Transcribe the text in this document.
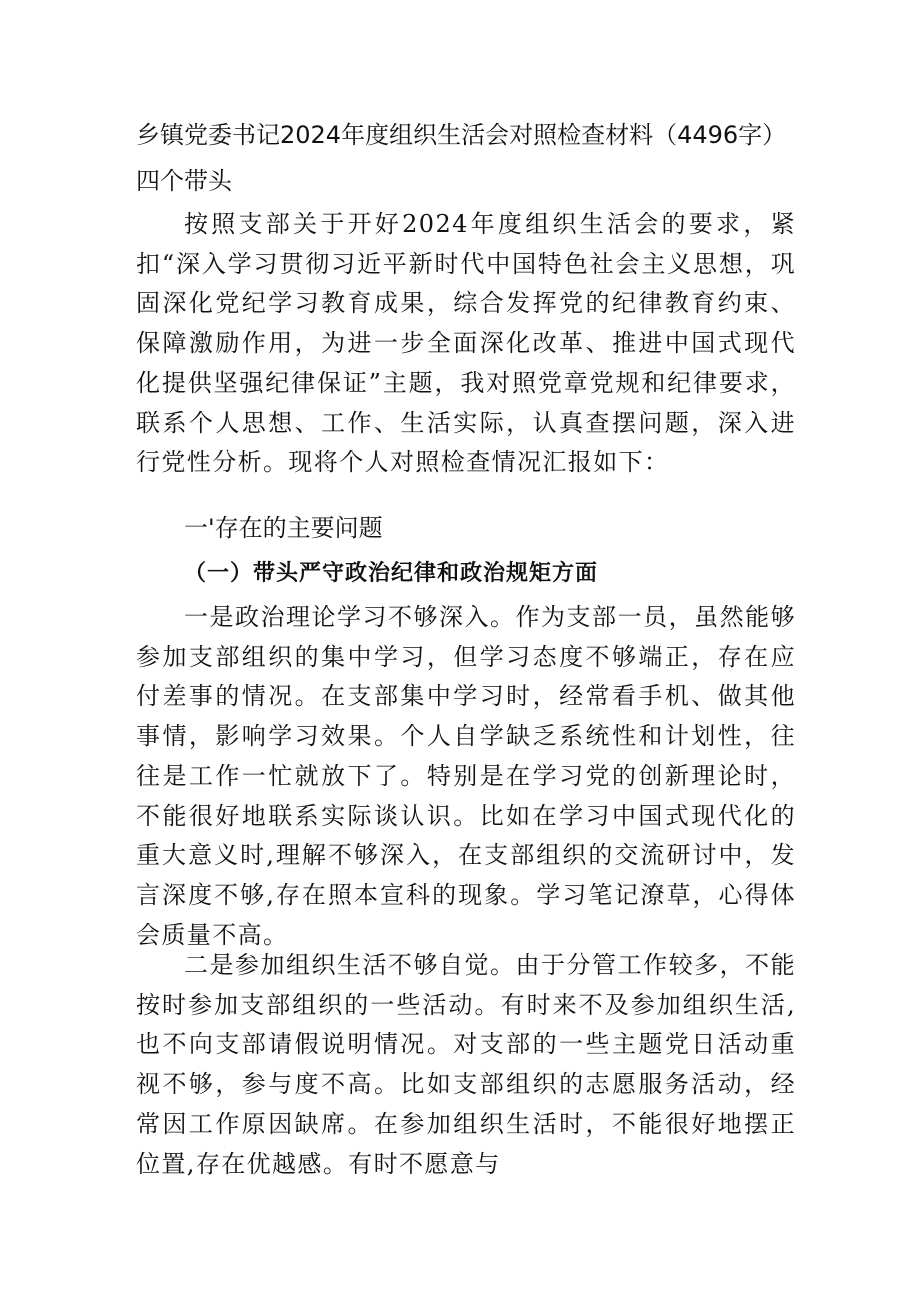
乡镇党委书记2024年度组织生活会对照检查材料（4496字）四个带头

按照支部关于开好2024年度组织生活会的要求，紧扣“深入学习贯彻习近平新时代中国特色社会主义思想，巩固深化党纪学习教育成果，综合发挥党的纪律教育约束、保障激励作用，为进一步全面深化改革、推进中国式现代化提供坚强纪律保证”主题，我对照党章党规和纪律要求，联系个人思想、工作、生活实际，认真查摆问题，深入进行党性分析。现将个人对照检查情况汇报如下：

一'存在的主要问题
（一）带头严守政治纪律和政治规矩方面

一是政治理论学习不够深入。作为支部一员，虽然能够参加支部组织的集中学习，但学习态度不够端正，存在应付差事的情况。在支部集中学习时，经常看手机、做其他事情，影响学习效果。个人自学缺乏系统性和计划性，往往是工作一忙就放下了。特别是在学习党的创新理论时，不能很好地联系实际谈认识。比如在学习中国式现代化的重大意义时,理解不够深入，在支部组织的交流研讨中，发言深度不够,存在照本宣科的现象。学习笔记潦草，心得体会质量不高。

二是参加组织生活不够自觉。由于分管工作较多，不能按时参加支部组织的一些活动。有时来不及参加组织生活,也不向支部请假说明情况。对支部的一些主题党日活动重视不够，参与度不高。比如支部组织的志愿服务活动，经常因工作原因缺席。在参加组织生活时，不能很好地摆正位置,存在优越感。有时不愿意与
